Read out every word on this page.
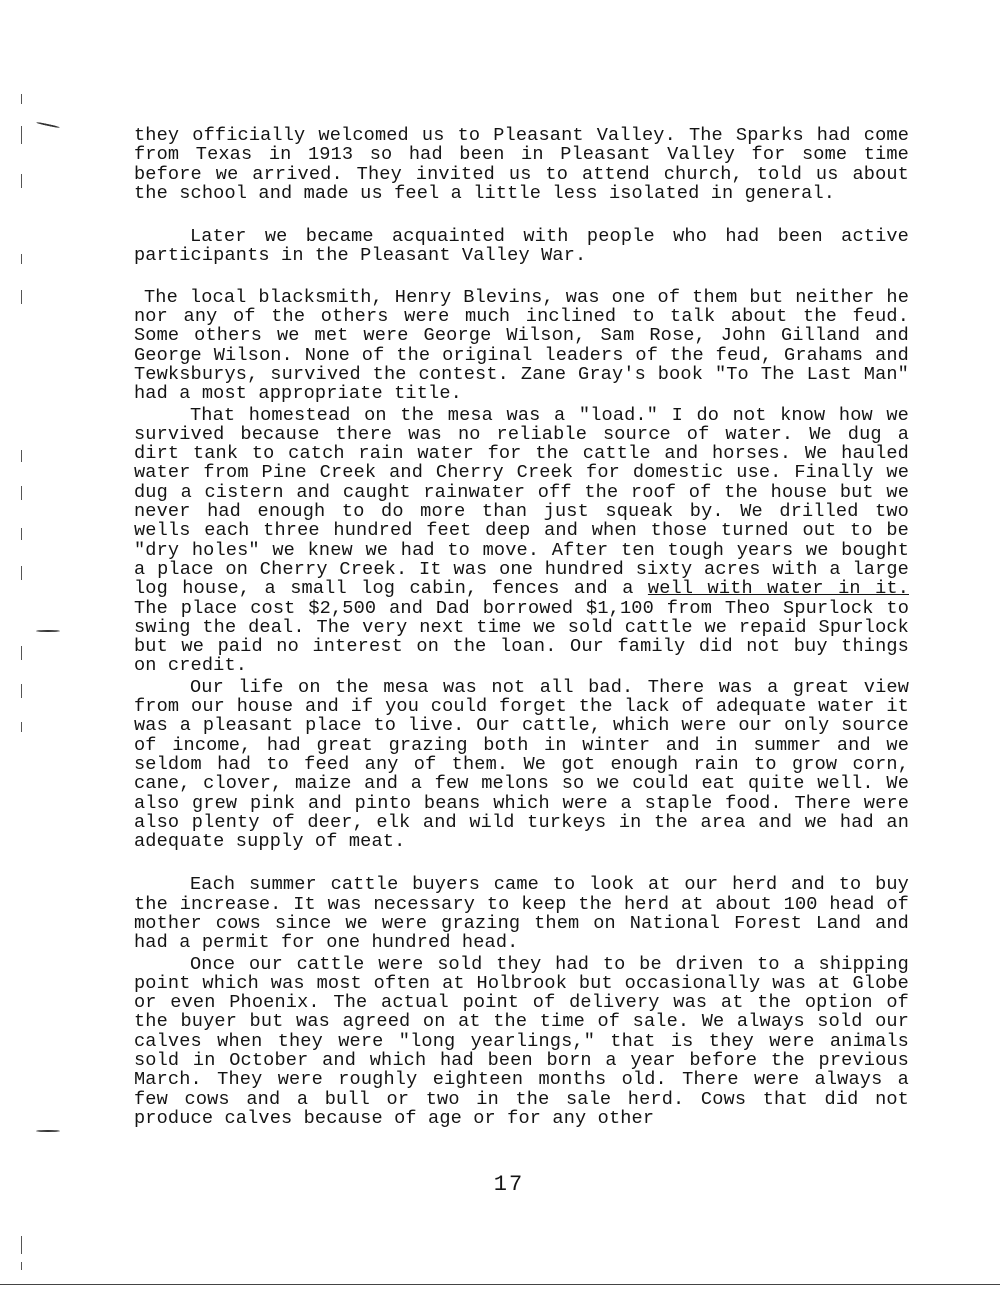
they officially welcomed us to Pleasant Valley. The Sparks had come from Texas in 1913 so had been in Pleasant Valley for some time before we arrived. They invited us to attend church, told us about the school and made us feel a little less isolated in general.

Later we became acquainted with people who had been active participants in the Pleasant Valley War.

The local blacksmith, Henry Blevins, was one of them but neither he nor any of the others were much inclined to talk about the feud. Some others we met were George Wilson, Sam Rose, John Gilland and George Wilson. None of the original leaders of the feud, Grahams and Tewksburys, survived the contest. Zane Gray's book "To The Last Man" had a most appropriate title.

That homestead on the mesa was a "load." I do not know how we survived because there was no reliable source of water. We dug a dirt tank to catch rain water for the cattle and horses. We hauled water from Pine Creek and Cherry Creek for domestic use. Finally we dug a cistern and caught rainwater off the roof of the house but we never had enough to do more than just squeak by. We drilled two wells each three hundred feet deep and when those turned out to be "dry holes" we knew we had to move. After ten tough years we bought a place on Cherry Creek. It was one hundred sixty acres with a large log house, a small log cabin, fences and a well with water in it. The place cost $2,500 and Dad borrowed $1,100 from Theo Spurlock to swing the deal. The very next time we sold cattle we repaid Spurlock but we paid no interest on the loan. Our family did not buy things on credit.

Our life on the mesa was not all bad. There was a great view from our house and if you could forget the lack of adequate water it was a pleasant place to live. Our cattle, which were our only source of income, had great grazing both in winter and in summer and we seldom had to feed any of them. We got enough rain to grow corn, cane, clover, maize and a few melons so we could eat quite well. We also grew pink and pinto beans which were a staple food. There were also plenty of deer, elk and wild turkeys in the area and we had an adequate supply of meat.

Each summer cattle buyers came to look at our herd and to buy the increase. It was necessary to keep the herd at about 100 head of mother cows since we were grazing them on National Forest Land and had a permit for one hundred head.

Once our cattle were sold they had to be driven to a shipping point which was most often at Holbrook but occasionally was at Globe or even Phoenix. The actual point of delivery was at the option of the buyer but was agreed on at the time of sale. We always sold our calves when they were "long yearlings," that is they were animals sold in October and which had been born a year before the previous March. They were roughly eighteen months old. There were always a few cows and a bull or two in the sale herd. Cows that did not produce calves because of age or for any other

17
